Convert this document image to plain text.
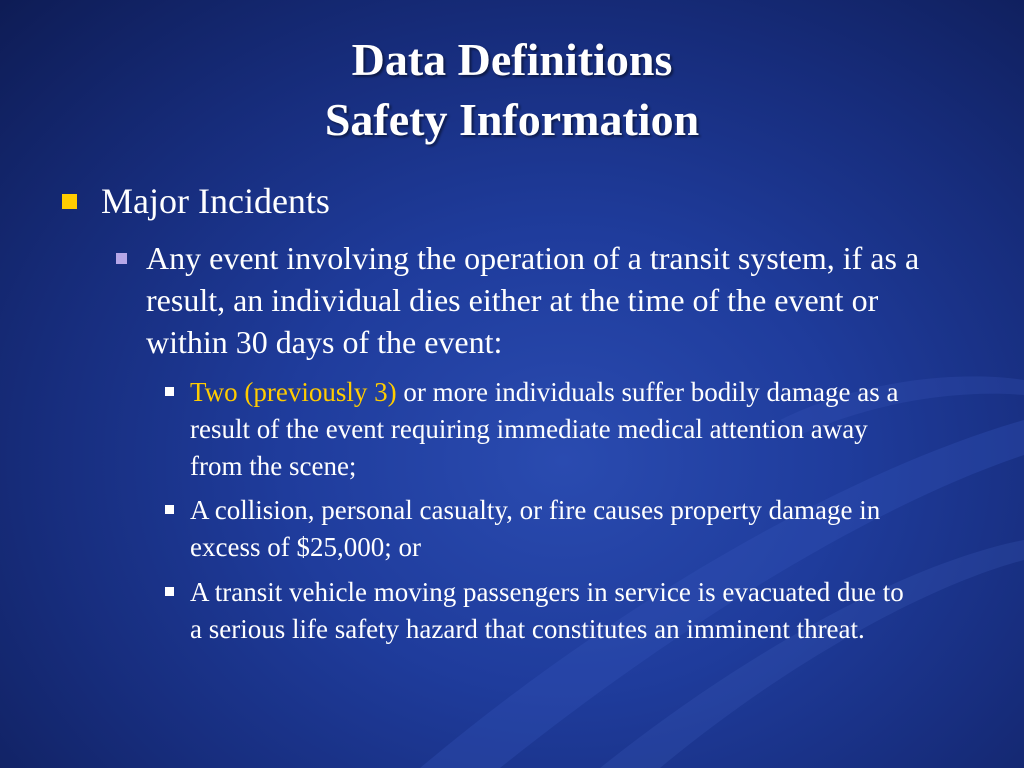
Data Definitions
Safety Information
Major Incidents
Any event involving the operation of a transit system, if as a result, an individual dies either at the time of the event or within 30 days of the event:
Two (previously 3) or more individuals suffer bodily damage as a result of the event requiring immediate medical attention away from the scene;
A collision, personal casualty, or fire causes property damage in excess of $25,000; or
A transit vehicle moving passengers in service is evacuated due to a serious life safety hazard that constitutes an imminent threat.
